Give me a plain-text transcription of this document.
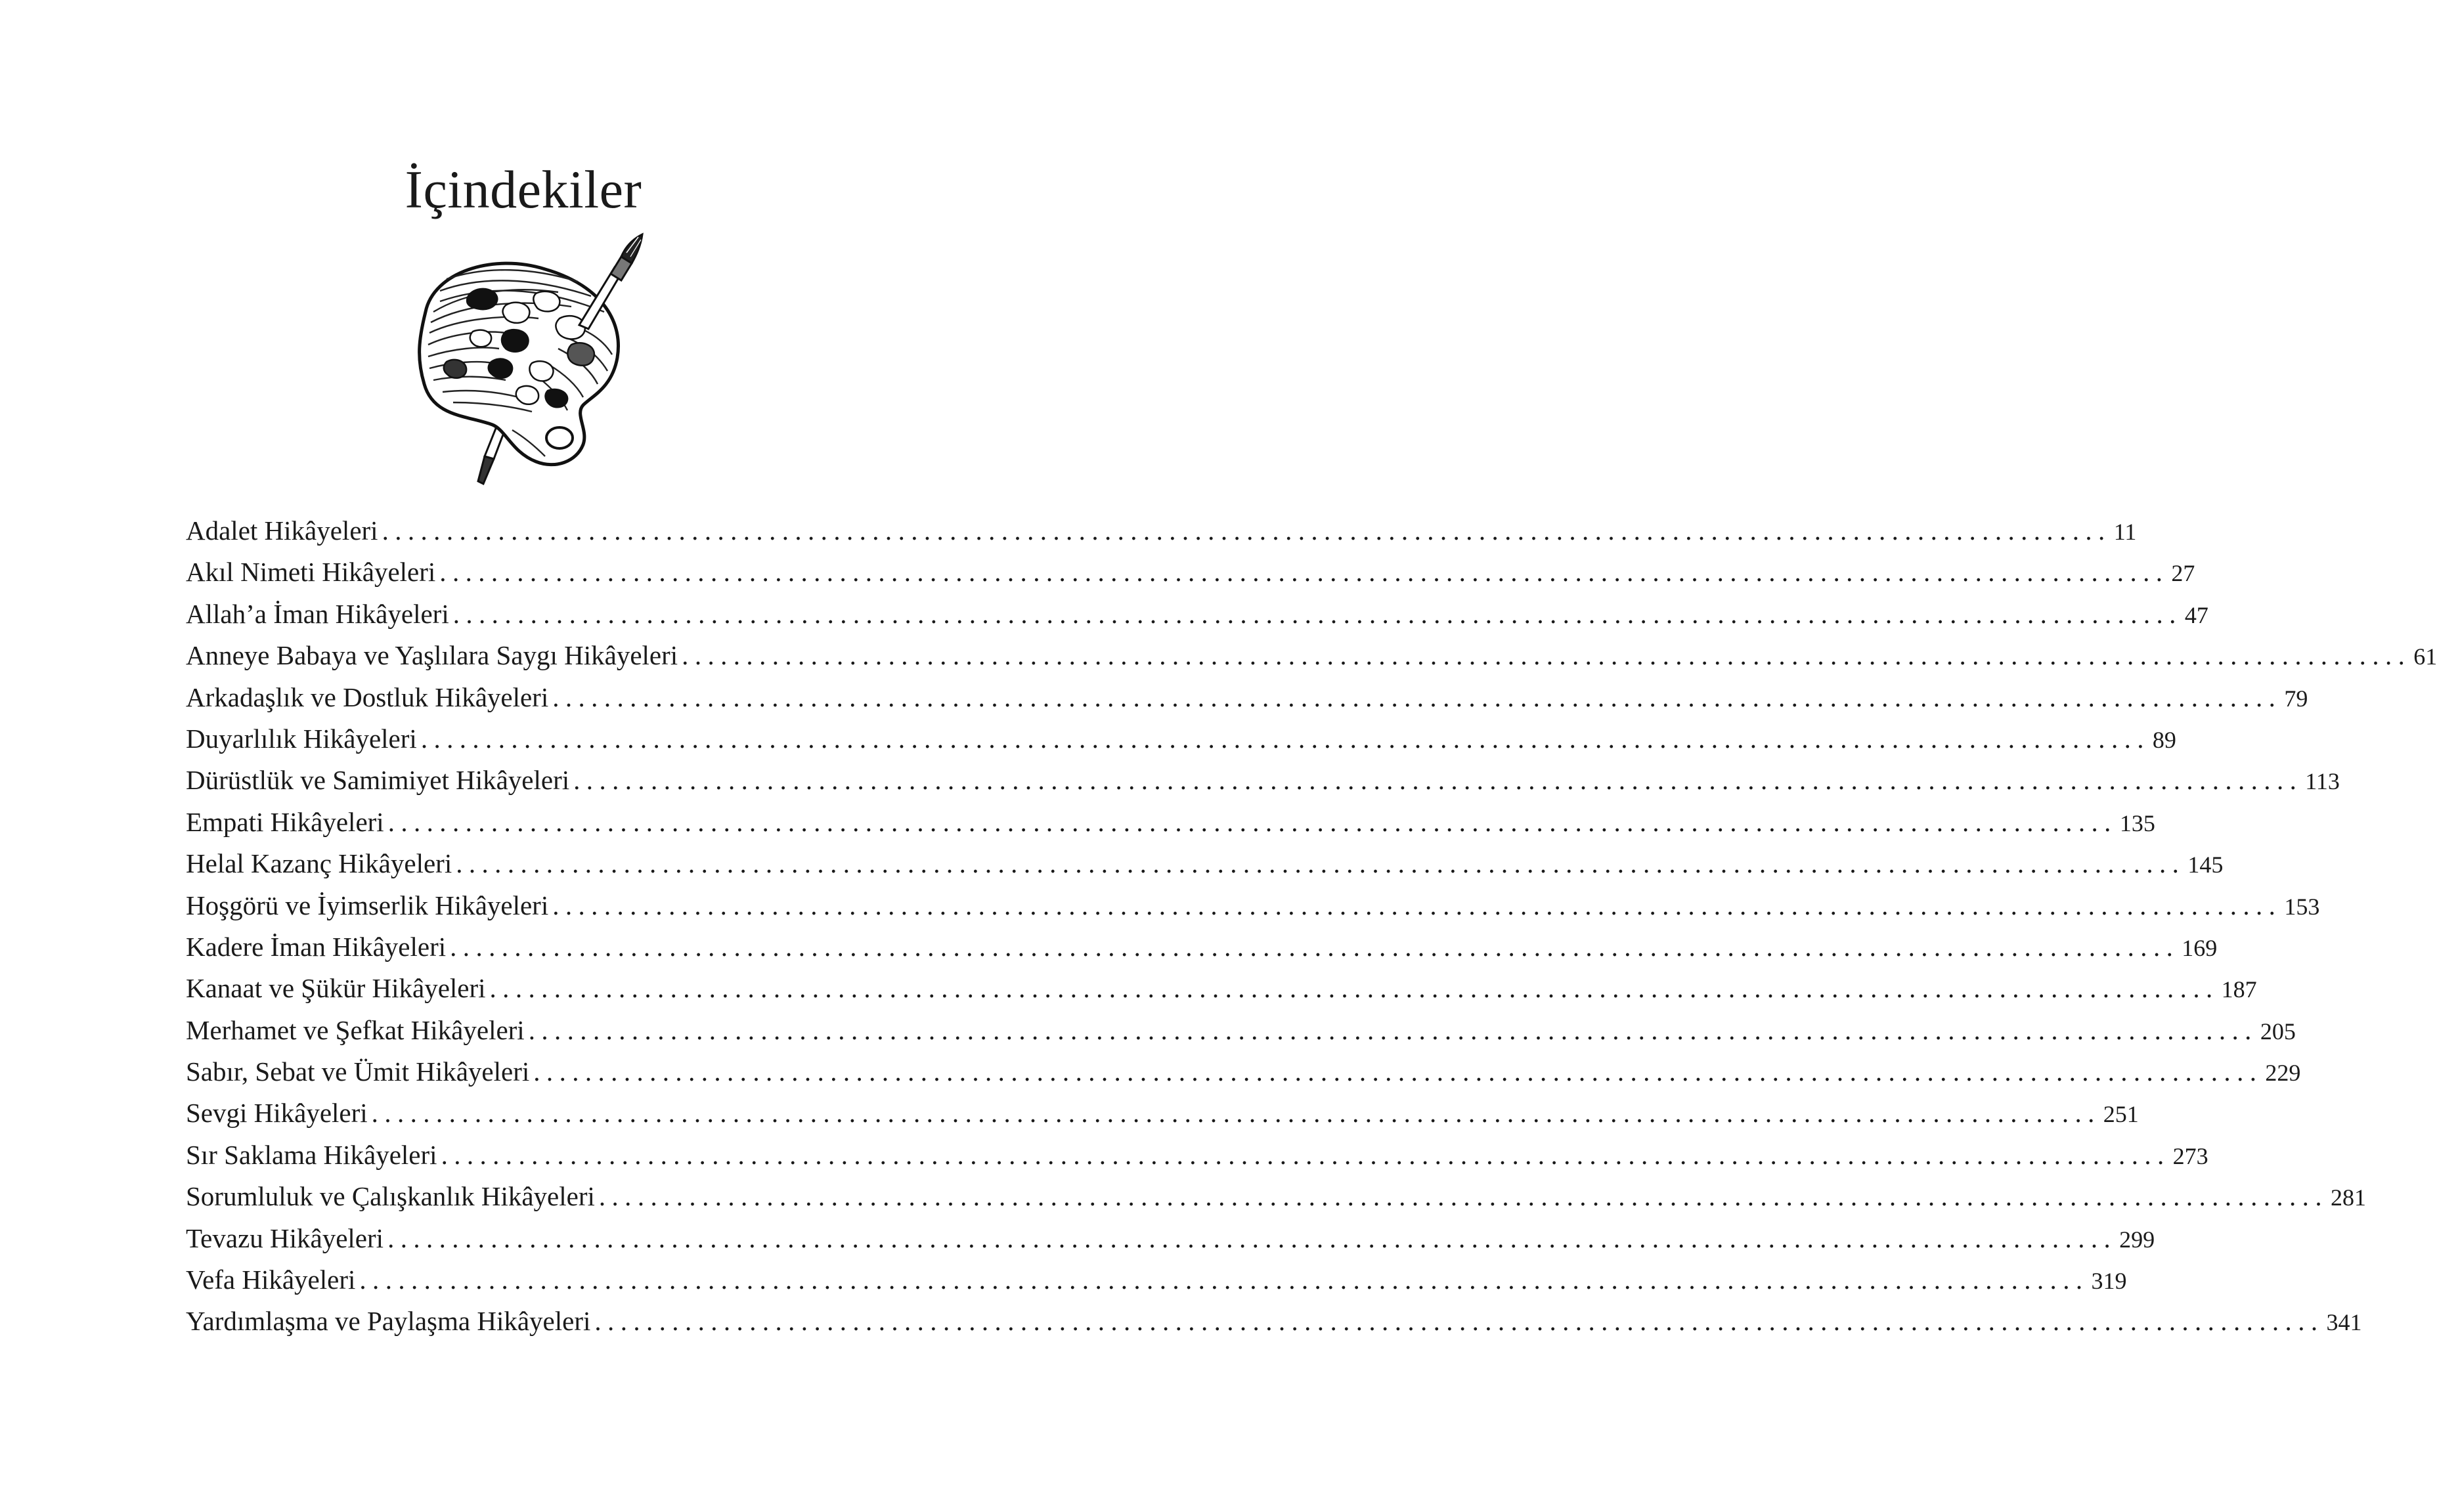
İçindekiler
Adalet Hikâyeleri ...................................................................................................................................... 11
Akıl Nimeti Hikâyeleri ...................................................................................................................................... 27
Allah’a İman Hikâyeleri ...................................................................................................................................... 47
Anneye Babaya ve Yaşlılara Saygı Hikâyeleri ...................................................................................................................................... 61
Arkadaşlık ve Dostluk Hikâyeleri ...................................................................................................................................... 79
Duyarlılık Hikâyeleri ...................................................................................................................................... 89
Dürüstlük ve Samimiyet Hikâyeleri ...................................................................................................................................... 113
Empati Hikâyeleri ...................................................................................................................................... 135
Helal Kazanç Hikâyeleri ...................................................................................................................................... 145
Hoşgörü ve İyimserlik Hikâyeleri ...................................................................................................................................... 153
Kadere İman Hikâyeleri ...................................................................................................................................... 169
Kanaat ve Şükür Hikâyeleri ...................................................................................................................................... 187
Merhamet ve Şefkat Hikâyeleri ...................................................................................................................................... 205
Sabır, Sebat ve Ümit Hikâyeleri ...................................................................................................................................... 229
Sevgi Hikâyeleri ...................................................................................................................................... 251
Sır Saklama Hikâyeleri ...................................................................................................................................... 273
Sorumluluk ve Çalışkanlık Hikâyeleri ...................................................................................................................................... 281
Tevazu Hikâyeleri ...................................................................................................................................... 299
Vefa Hikâyeleri ...................................................................................................................................... 319
Yardımlaşma ve Paylaşma Hikâyeleri ...................................................................................................................................... 341
